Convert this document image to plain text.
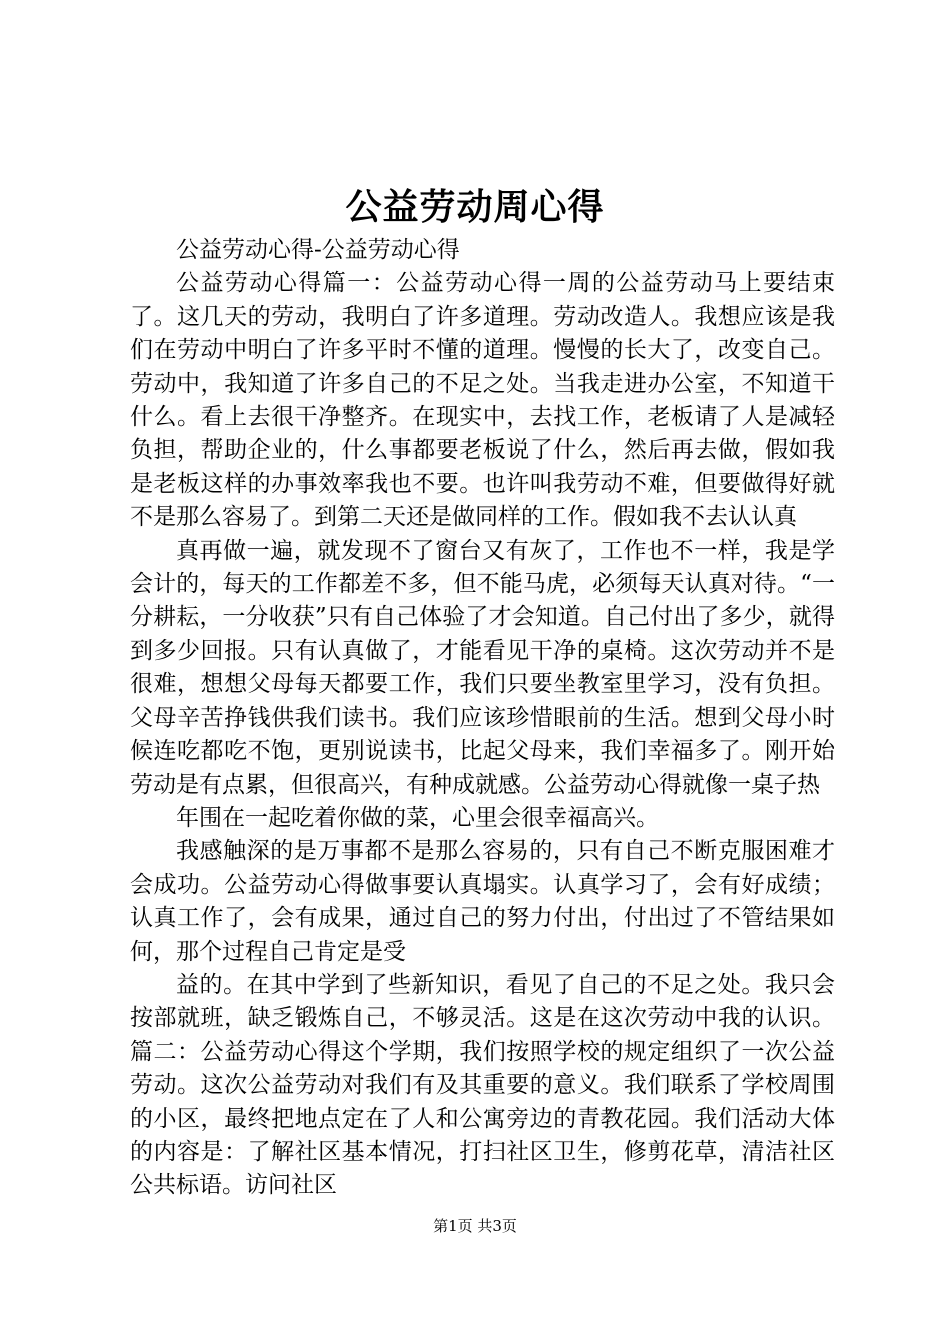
公益劳动周心得

公益劳动心得-公益劳动心得

公益劳动心得篇一：公益劳动心得一周的公益劳动马上要结束了。这几天的劳动，我明白了许多道理。劳动改造人。我想应该是我们在劳动中明白了许多平时不懂的道理。慢慢的长大了，改变自己。劳动中，我知道了许多自己的不足之处。当我走进办公室，不知道干什么。看上去很干净整齐。在现实中，去找工作，老板请了人是减轻负担，帮助企业的，什么事都要老板说了什么，然后再去做，假如我是老板这样的办事效率我也不要。也许叫我劳动不难，但要做得好就不是那么容易了。到第二天还是做同样的工作。假如我不去认认真

真再做一遍，就发现不了窗台又有灰了，工作也不一样，我是学会计的，每天的工作都差不多，但不能马虎，必须每天认真对待。“一分耕耘，一分收获”只有自己体验了才会知道。自己付出了多少，就得到多少回报。只有认真做了，才能看见干净的桌椅。这次劳动并不是很难，想想父母每天都要工作，我们只要坐教室里学习，没有负担。父母辛苦挣钱供我们读书。我们应该珍惜眼前的生活。想到父母小时候连吃都吃不饱，更别说读书，比起父母来，我们幸福多了。刚开始劳动是有点累，但很高兴，有种成就感。公益劳动心得就像一桌子热

年围在一起吃着你做的菜，心里会很幸福高兴。

我感触深的是万事都不是那么容易的，只有自己不断克服困难才会成功。公益劳动心得做事要认真塌实。认真学习了，会有好成绩；认真工作了，会有成果，通过自己的努力付出，付出过了不管结果如何，那个过程自己肯定是受

益的。在其中学到了些新知识，看见了自己的不足之处。我只会按部就班，缺乏锻炼自己，不够灵活。这是在这次劳动中我的认识。篇二：公益劳动心得这个学期，我们按照学校的规定组织了一次公益劳动。这次公益劳动对我们有及其重要的意义。我们联系了学校周围的小区，最终把地点定在了人和公寓旁边的青教花园。我们活动大体的内容是：了解社区基本情况，打扫社区卫生，修剪花草，清洁社区公共标语。访问社区

第1页 共3页
